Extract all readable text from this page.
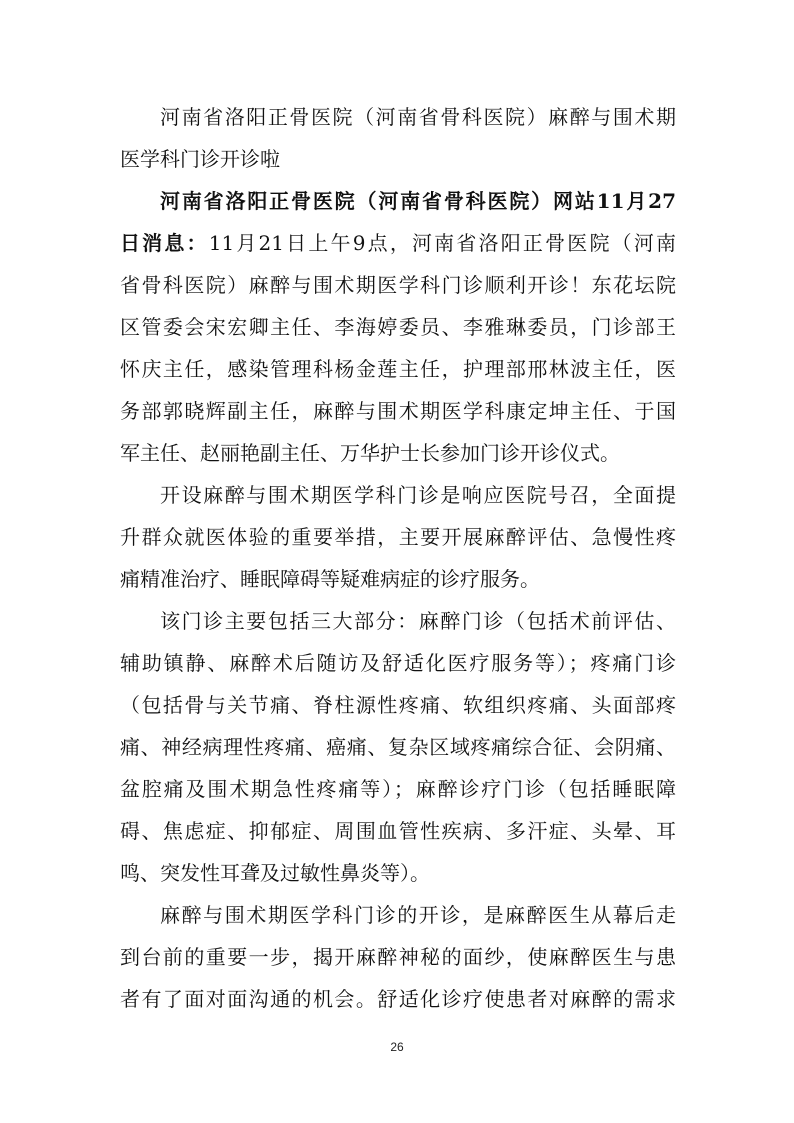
河南省洛阳正骨医院（河南省骨科医院）麻醉与围术期
医学科门诊开诊啦
河南省洛阳正骨医院（河南省骨科医院）网站11月27
日消息：11月21日上午9点，河南省洛阳正骨医院（河南
省骨科医院）麻醉与围术期医学科门诊顺利开诊！东花坛院
区管委会宋宏卿主任、李海婷委员、李雅琳委员，门诊部王
怀庆主任，感染管理科杨金莲主任，护理部邢林波主任，医
务部郭晓辉副主任，麻醉与围术期医学科康定坤主任、于国
军主任、赵丽艳副主任、万华护士长参加门诊开诊仪式。
开设麻醉与围术期医学科门诊是响应医院号召，全面提
升群众就医体验的重要举措，主要开展麻醉评估、急慢性疼
痛精准治疗、睡眠障碍等疑难病症的诊疗服务。
该门诊主要包括三大部分：麻醉门诊（包括术前评估、
辅助镇静、麻醉术后随访及舒适化医疗服务等）；疼痛门诊
（包括骨与关节痛、脊柱源性疼痛、软组织疼痛、头面部疼
痛、神经病理性疼痛、癌痛、复杂区域疼痛综合征、会阴痛、
盆腔痛及围术期急性疼痛等）；麻醉诊疗门诊（包括睡眠障
碍、焦虑症、抑郁症、周围血管性疾病、多汗症、头晕、耳
鸣、突发性耳聋及过敏性鼻炎等）。
麻醉与围术期医学科门诊的开诊，是麻醉医生从幕后走
到台前的重要一步，揭开麻醉神秘的面纱，使麻醉医生与患
者有了面对面沟通的机会。舒适化诊疗使患者对麻醉的需求
26
